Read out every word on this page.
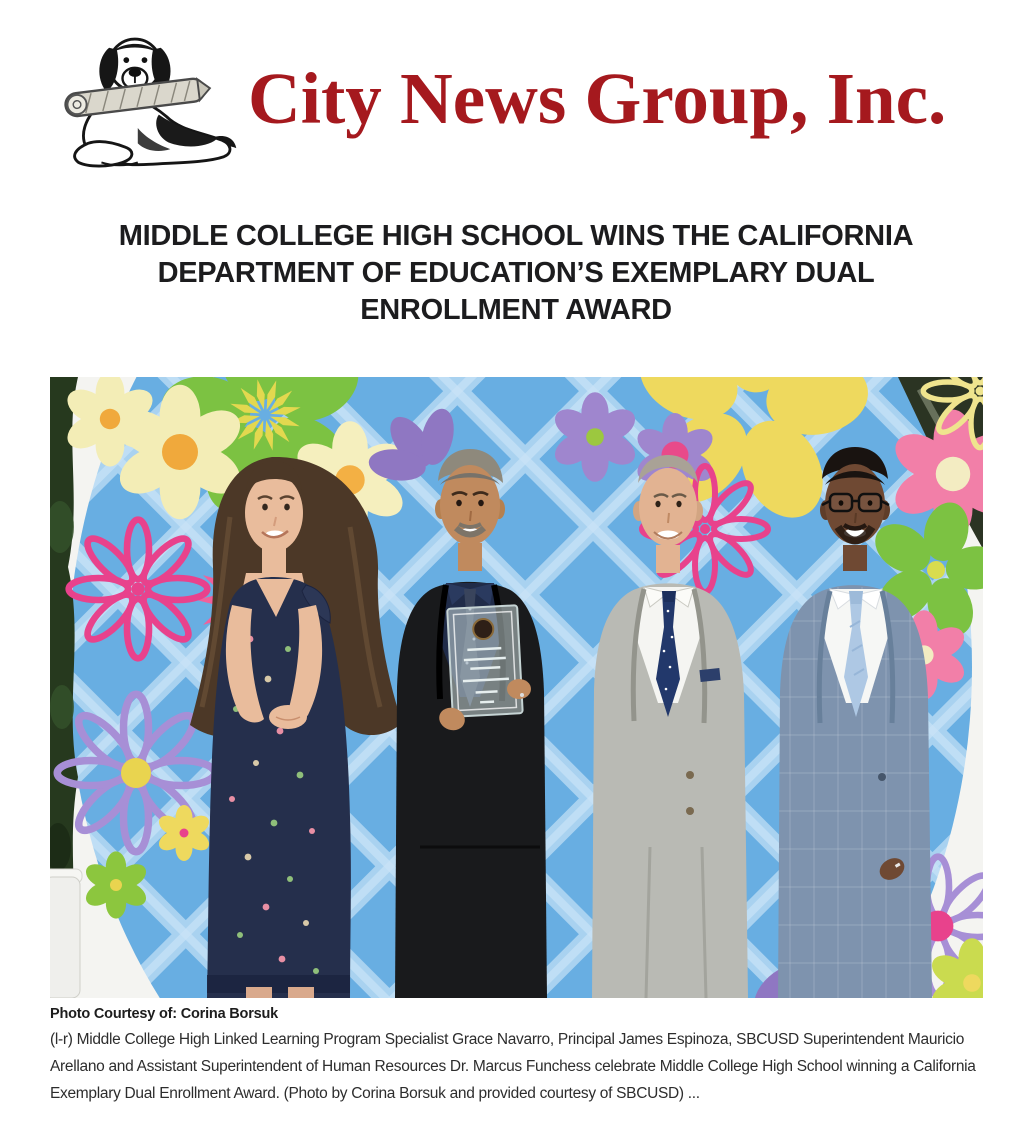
City News Group, Inc.
MIDDLE COLLEGE HIGH SCHOOL WINS THE CALIFORNIA DEPARTMENT OF EDUCATION’S EXEMPLARY DUAL ENROLLMENT AWARD
Photo Courtesy of: Corina Borsuk
(l-r) Middle College High Linked Learning Program Specialist Grace Navarro, Principal James Espinoza, SBCUSD Superintendent Mauricio Arellano and Assistant Superintendent of Human Resources Dr. Marcus Funchess celebrate Middle College High School winning a California Exemplary Dual Enrollment Award. (Photo by Corina Borsuk and provided courtesy of SBCUSD) ...
